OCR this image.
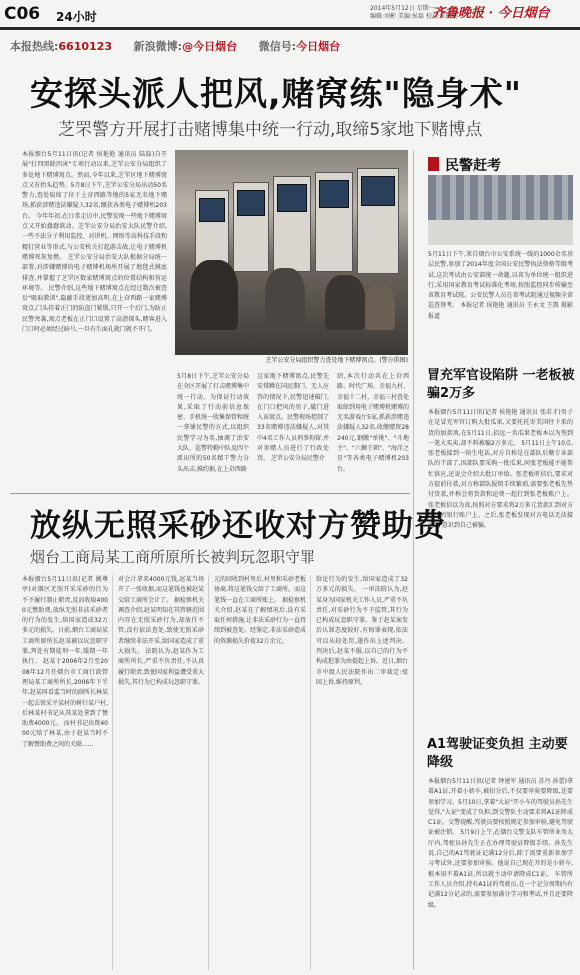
C06 24小时
2014年5月12日 星期一
编辑:刘彬 美编:侯磊 校对:宋晓鹏
齐鲁晚报 · 今日烟台
本报热线:6610123 新浪微博:@今日烟台 微信号:今日烟台
安探头派人把风,赌窝练"隐身术"
芝罘警方开展打击赌博集中统一行动,取缔5家地下赌博点
本报烟台5月11日讯(记者 侯艳艳 通讯员 陆磊)自开展"打四黑除四害"专项行动以来,芝罘公安分局组织了多处地下赌博窝点。然而,今年以来,芝罘区地下赌博窝点又有抬头趋势。5月8日下午,芝罘公安分局出动50名警力,查处取缔了位于上夼西路等地的5家无名地下赌场,抓获涉赌违法嫌疑人32名,缴获各类电子赌博机203台。 今年年初,在日常走访中,民警发现一些地下赌博窝点又开始蠢蠢欲动。芝罘公安分局治安大队民警介绍,一些不法分子利用监控、对讲机、网络等高科技手段和精打营业等形式,与公安机关打起游击战,让电子赌博机赌博死灰复燃。 芝罘公安分局治安大队根据分局统一部署,对涉嫌赌博的电子赌博机场所开展了地毯式摸底排查,并掌握了芝罘区数家赌博窝点的位置结构和营运环境等。 民警介绍,这些地下赌博窝点在经过数次被查后"吸取教训",隐蔽手段更加高明,在上夼西路一家赌博窝点,门头挂着正门的防盗门紧锁,只开一个后门,为防止民警突袭,窝点老板在正门口设置了高清探头,赌客进入门口时必须经过暗号,一旦有生面孔就门就不开门。
芝罘公安分局组织警力查处地下赌博窝点。(警方供图)
5月8日下午,芝罘公安分局在全区开展了打击赌博集中统一行动。为保证行动效果,采取了行动前信息保密、手机统一收集保管和统一拿铺民警的方式,以组织民警学习为名,抽调了治安大队、巡警特勤中队及四个派出所的50名精干警力分头出击,摸约据,在上夼西路
这家地下赌博窝点,民警先安排蹲在国民期门、无人应答的情况下,民警迅速破门,在门口把风的男子,破门进入该窝点。民警现场控制了33名赌博违法嫌疑人,对其中4名工作人员刑事拘留,并对参赌人员进行了行政处罚。 芝罘公安分局民警介
绍,本次行动共在上夼西路、时代广场、幸福九村、幸福十二村、幸福三村查处取缔到用电子赌博机赌博的无名游戏厅5家,抓获涉赌违法嫌疑人32名,收缴赌资28240元,钢缴"单挑"、"斗地主"、"六狮王朝"、"海洋之星"等各类电子赌博机203台。
民警赶考
5月11日下午,来自烟台市公安系统一线的1000余名基层民警,参加了2014年度全国公安民警执法资格等级考试,这次考试由公安部统一命题,以省为单位统一组织进行,采用国家教育考试标准化考场,按照监控同步传输至省教育考试院。公安民警人员在省考试院通过视频全省巡查督考。 本报记者 侯艳艳 通讯员 王永文 王凯 摄影报道
冒充军官设陷阱 一老板被骗2万多
本报烟台5月11日讯(记者 侯艳艳 通讯员 张若才)男子在是冒充军官订购大批瓜果,又要托托寄美国往下来的货的加款项,在5月11日,招远一名瓜果老板本以为签到一笔大买卖,却不料被骗2万多元。 5月11日上午10点,张老板接到一陌生电话,对方自称是在部队后勤专业部队的干部了,因部队要采购一批瓜果,问张老板能不能帮忙供应,还说会介绍大批订单给。张老板听信后,要求对方提前付款,对方称部队报销手续繁琐,需要张老板先垫付货款,并称会将货款和运费一起打到张老板账户上。 张老板信以为真,按照对方要求将2万多元货款汇到对方指定的银行账户上。之后,张老板发现对方电话无法接通,才意识到自己被骗。
A1驾驶证变负担 主动要降级
本报烟台5月11日讯(记者 钟建军 通讯员 苏丹 孙蕾)拿着A1证,开着小轿车,被扣分后,不仅要审验要降级,还要参加学习。5月10日,拿着"大证"开小车的驾驶员孙先生觉得,"大证"变成了负担,到交警队主动要求将A1证降成C1证。交警提醒,驾驶员要按照规定参加审验,避免驾驶证被注销。 5月9日上午,在烟台交警支队车管所业务大厅内,驾驶员孙先生正在办理驾驶证降级手续。孙先生说,自己的A1驾驶证记满12分后,除了需要重新参加学习考试外,还要参加审验。他说自己现在开的是小轿车,根本用不着A1证,所以就主动申请降成C1证。 车管所工作人员介绍,持有A1证的驾驶员,在一个记分周期内有记满12分记录的,需要参加满分学习和考试,并且还要降级。
放纵无照采砂还收对方赞助费
烟台工商局某工商所原所长被判玩忽职守罪
本报烟台5月11日讯(记者 姚尊亭)对烟区无照开采采砂的行为不予履行制止职责,反而收取4000元赞助费,放纵无照非法采砂者的行为的发生,给国家造成32万多元的损失。日前,烟台工商局某工商所原所长赵某被以玩忽职守罪,判处有期徒刑一年,缓期一年执行。 赵某于2006年2月至2008年12月任烟台市工商行政管理局某工商所所长,2006年下半年,赵某叫看监当时的副所长林某一起去铁采平某村的树行某户村,后林某村书记从其某处拿到了赞助费4000元。 而村书记出资4000元给了林某,由于赵某当时不了解赞助费之间的关联......
对会计拿来4000元钱,赵某当场开了一张收据,而这笔钱也被赵某交给工商所会计了。 据检察机关调查介绍,赵某明知在其管辖范围内存在无照采砂行为,却放任不管,没有依法查处,致使无照采砂者继续非法开采,给国家造成了重大损失。 法院认为,赵某作为工商所所长,严重不负责任,不认真履行职责,致使国家利益遭受重大损失,其行为已构成玩忽职守罪。
元的回收到村里后,村里和采砂老板协商,将这笔钱交给了工商所。而这笔钱一直在工商所账上。 据检察机关介绍,赵某在了解情况后,没有采取任何措施,让非法采砂行为一直持续到被查处。经鉴定,非法采砂造成的资源损失价值32万余元。
给论行为的发生,给国家造成了32万多元的损失。 一审法院认为,赵某身为国家机关工作人员,严重不负责任,对采砂行为不予监管,其行为已构成玩忽职守罪。鉴于赵某案发后认罪态度较好,有悔罪表现,依法可以从轻处罚,遂作出上述判决。 判决后,赵某不服,以自己的行为不构成犯罪为由提起上诉。近日,烟台市中级人民法院作出二审裁定:驳回上诉,维持原判。
